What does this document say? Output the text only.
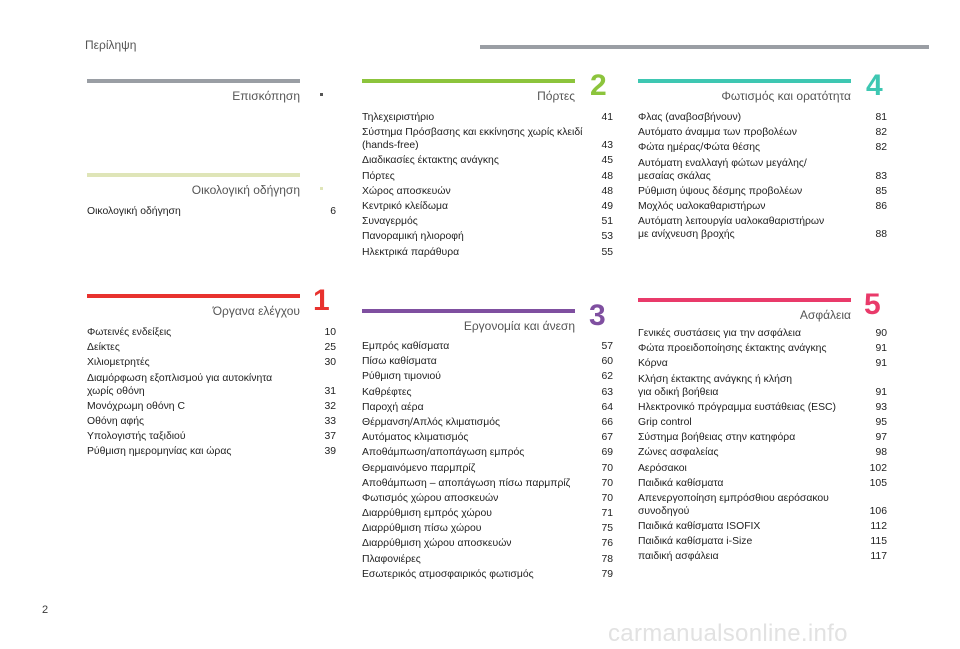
Περίληψη
Επισκόπηση
Οικολογική οδήγηση
Οικολογική οδήγηση	6
1
Όργανα ελέγχου
Φωτεινές ενδείξεις	10
Δείκτες	25
Χιλιομετρητές	30
Διαμόρφωση εξοπλισμού για αυτοκίνητα
χωρίς οθόνη	31
Μονόχρωμη οθόνη C	32
Οθόνη αφής	33
Υπολογιστής ταξιδιού	37
Ρύθμιση ημερομηνίας και ώρας	39
2
Πόρτες
Τηλεχειριστήριο	41
Σύστημα Πρόσβασης και εκκίνησης χωρίς κλειδί
(hands-free)	43
Διαδικασίες έκτακτης ανάγκης	45
Πόρτες	48
Χώρος αποσκευών	48
Κεντρικό κλείδωμα	49
Συναγερμός	51
Πανοραμική ηλιοροφή	53
Ηλεκτρικά παράθυρα	55
3
Εργονομία και άνεση
Εμπρός καθίσματα	57
Πίσω καθίσματα	60
Ρύθμιση τιμονιού	62
Καθρέφτες	63
Παροχή αέρα	64
Θέρμανση/Απλός κλιματισμός	66
Αυτόματος κλιματισμός	67
Αποθάμπωση/αποπάγωση εμπρός	69
Θερμαινόμενο παρμπρίζ	70
Αποθάμπωση – αποπάγωση πίσω παρμπρίζ	70
Φωτισμός χώρου αποσκευών	70
Διαρρύθμιση εμπρός χώρου	71
Διαρρύθμιση πίσω χώρου	75
Διαρρύθμιση χώρου αποσκευών	76
Πλαφονιέρες	78
Εσωτερικός ατμοσφαιρικός φωτισμός	79
4
Φωτισμός και ορατότητα
Φλας (αναβοσβήνουν)	81
Αυτόματο άναμμα των προβολέων	82
Φώτα ημέρας/Φώτα θέσης	82
Αυτόματη εναλλαγή φώτων μεγάλης/
μεσαίας σκάλας	83
Ρύθμιση ύψους δέσμης προβολέων	85
Μοχλός υαλοκαθαριστήρων	86
Αυτόματη λειτουργία υαλοκαθαριστήρων
με ανίχνευση βροχής	88
5
Ασφάλεια
Γενικές συστάσεις για την ασφάλεια	90
Φώτα προειδοποίησης έκτακτης ανάγκης	91
Κόρνα	91
Κλήση έκτακτης ανάγκης ή κλήση
για οδική βοήθεια	91
Ηλεκτρονικό πρόγραμμα ευστάθειας (ESC)	93
Grip control	95
Σύστημα βοήθειας στην κατηφόρα	97
Ζώνες ασφαλείας	98
Αερόσακοι	102
Παιδικά καθίσματα	105
Απενεργοποίηση εμπρόσθιου αερόσακου
συνοδηγού	106
Παιδικά καθίσματα ISOFIX	112
Παιδικά καθίσματα i-Size	115
παιδική ασφάλεια	117
2
carmanualsonline.info
